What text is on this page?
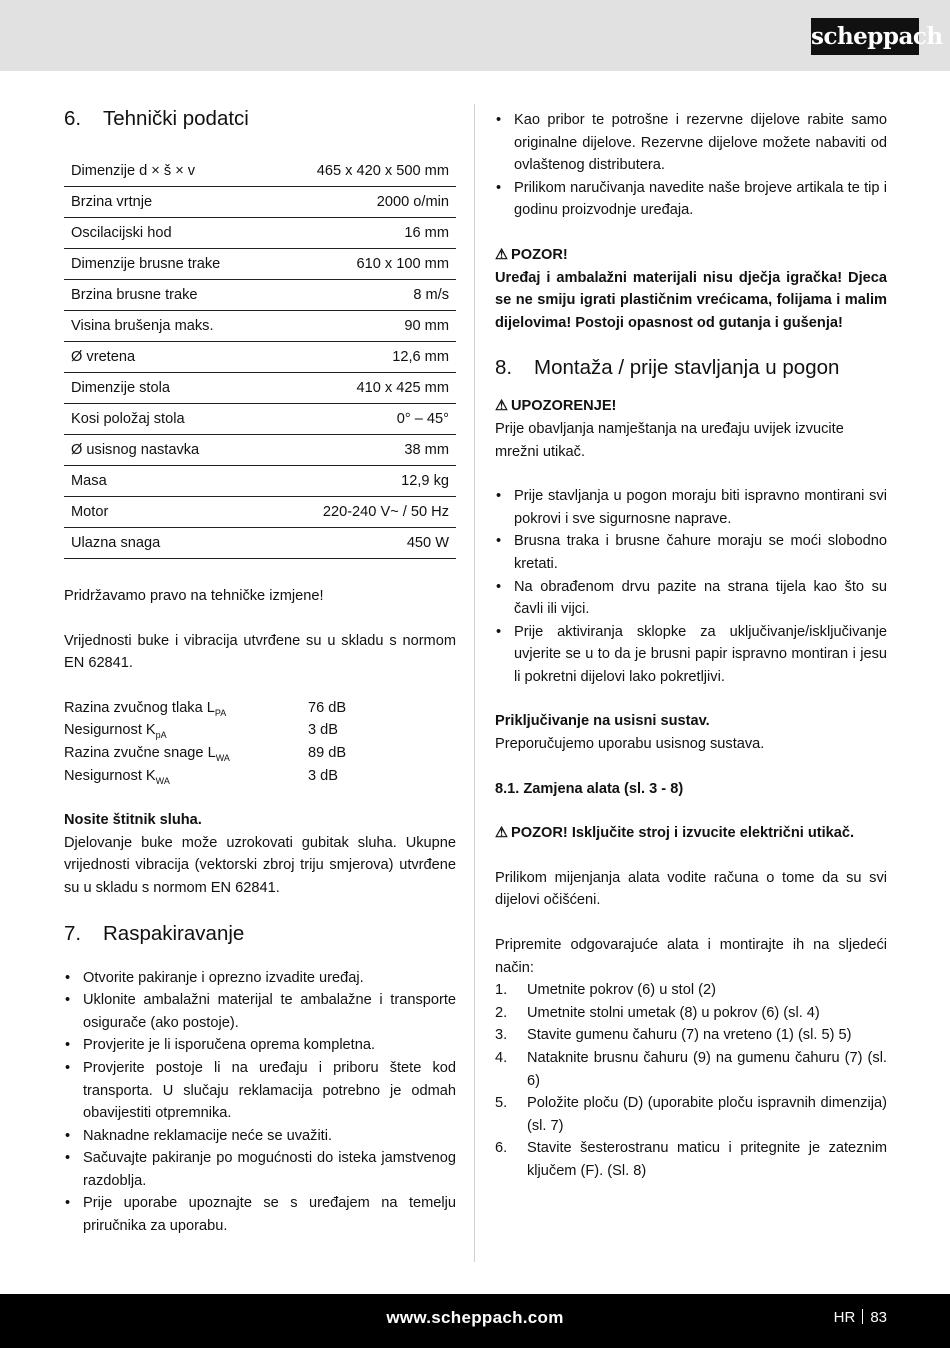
scheppach
6.	Tehnički podatci
Dimenzije d × š × v	465 x 420 x 500 mm
Brzina vrtnje	2000 o/min
Oscilacijski hod	16 mm
Dimenzije brusne trake	610 x 100 mm
Brzina brusne trake	8 m/s
Visina brušenja maks.	90 mm
Ø vretena	12,6 mm
Dimenzije stola	410 x 425 mm
Kosi položaj stola	0° – 45°
Ø usisnog nastavka	38 mm
Masa	12,9 kg
Motor	220-240 V~ / 50 Hz
Ulazna snaga	450 W

Pridržavamo pravo na tehničke izmjene!

Vrijednosti buke i vibracija utvrđene su u skladu s normom EN 62841.

Razina zvučnog tlaka $L_{PA}$	76 dB
Nesigurnost $K_{pA}$	3 dB
Razina zvučne snage $L_{WA}$	89 dB
Nesigurnost $K_{WA}$	3 dB

Nosite štitnik sluha.

Djelovanje buke može uzrokovati gubitak sluha. Ukupne vrijednosti vibracija (vektorski zbroj triju smjerova) utvrđene su u skladu s normom EN 62841.

7.	Raspakiravanje
• Otvorite pakiranje i oprezno izvadite uređaj.
• Uklonite ambalažni materijal te ambalažne i transporte osigurače (ako postoje).
• Provjerite je li isporučena oprema kompletna.
• Provjerite postoje li na uređaju i priboru štete kod transporta. U slučaju reklamacija potrebno je odmah obavijestiti otpremnika.
• Naknadne reklamacije neće se uvažiti.
• Sačuvajte pakiranje po mogućnosti do isteka jamstvenog razdoblja.
• Prije uporabe upoznajte se s uređajem na temelju priručnika za uporabu.
• Kao pribor te potrošne i rezervne dijelove rabite samo originalne dijelove. Rezervne dijelove možete nabaviti od ovlaštenog distributera.
• Prilikom naručivanja navedite naše brojeve artikala te tip i godinu proizvodnje uređaja.

⚠ POZOR!

Uređaj i ambalažni materijali nisu dječja igračka! Djeca se ne smiju igrati plastičnim vrećicama, folijama i malim dijelovima! Postoji opasnost od gutanja i gušenja!

8.	Montaža / prije stavljanja u pogon

⚠ UPOZORENJE!

Prije obavljanja namještanja na uređaju uvijek izvucite mrežni utikač.

• Prije stavljanja u pogon moraju biti ispravno montirani svi pokrovi i sve sigurnosne naprave.
• Brusna traka i brusne čahure moraju se moći slobodno kretati.
• Na obrađenom drvu pazite na strana tijela kao što su čavli ili vijci.
• Prije aktiviranja sklopke za uključivanje/isključivanje uvjerite se u to da je brusni papir ispravno montiran i jesu li pokretni dijelovi lako pokretljivi.

Priključivanje na usisni sustav.

Preporučujemo uporabu usisnog sustava.

8.1. Zamjena alata (sl. 3 - 8)

⚠ POZOR! Isključite stroj i izvucite električni utikač.

Prilikom mijenjanja alata vodite računa o tome da su svi dijelovi očišćeni.

Pripremite odgovarajuće alata i montirajte ih na sljedeći način:

1.	Umetnite pokrov (6) u stol (2)
2.	Umetnite stolni umetak (8) u pokrov (6) (sl. 4)
3.	Stavite gumenu čahuru (7) na vreteno (1) (sl. 5) 5)
4.	Nataknite brusnu čahuru (9) na gumenu čahuru (7) (sl. 6)
5.	Položite ploču (D) (uporabite ploču ispravnih dimenzija) (sl. 7)
6.	Stavite šesterostranu maticu i pritegnite je zateznim ključem (F). (Sl. 8)
www.scheppach.com	HR 83
